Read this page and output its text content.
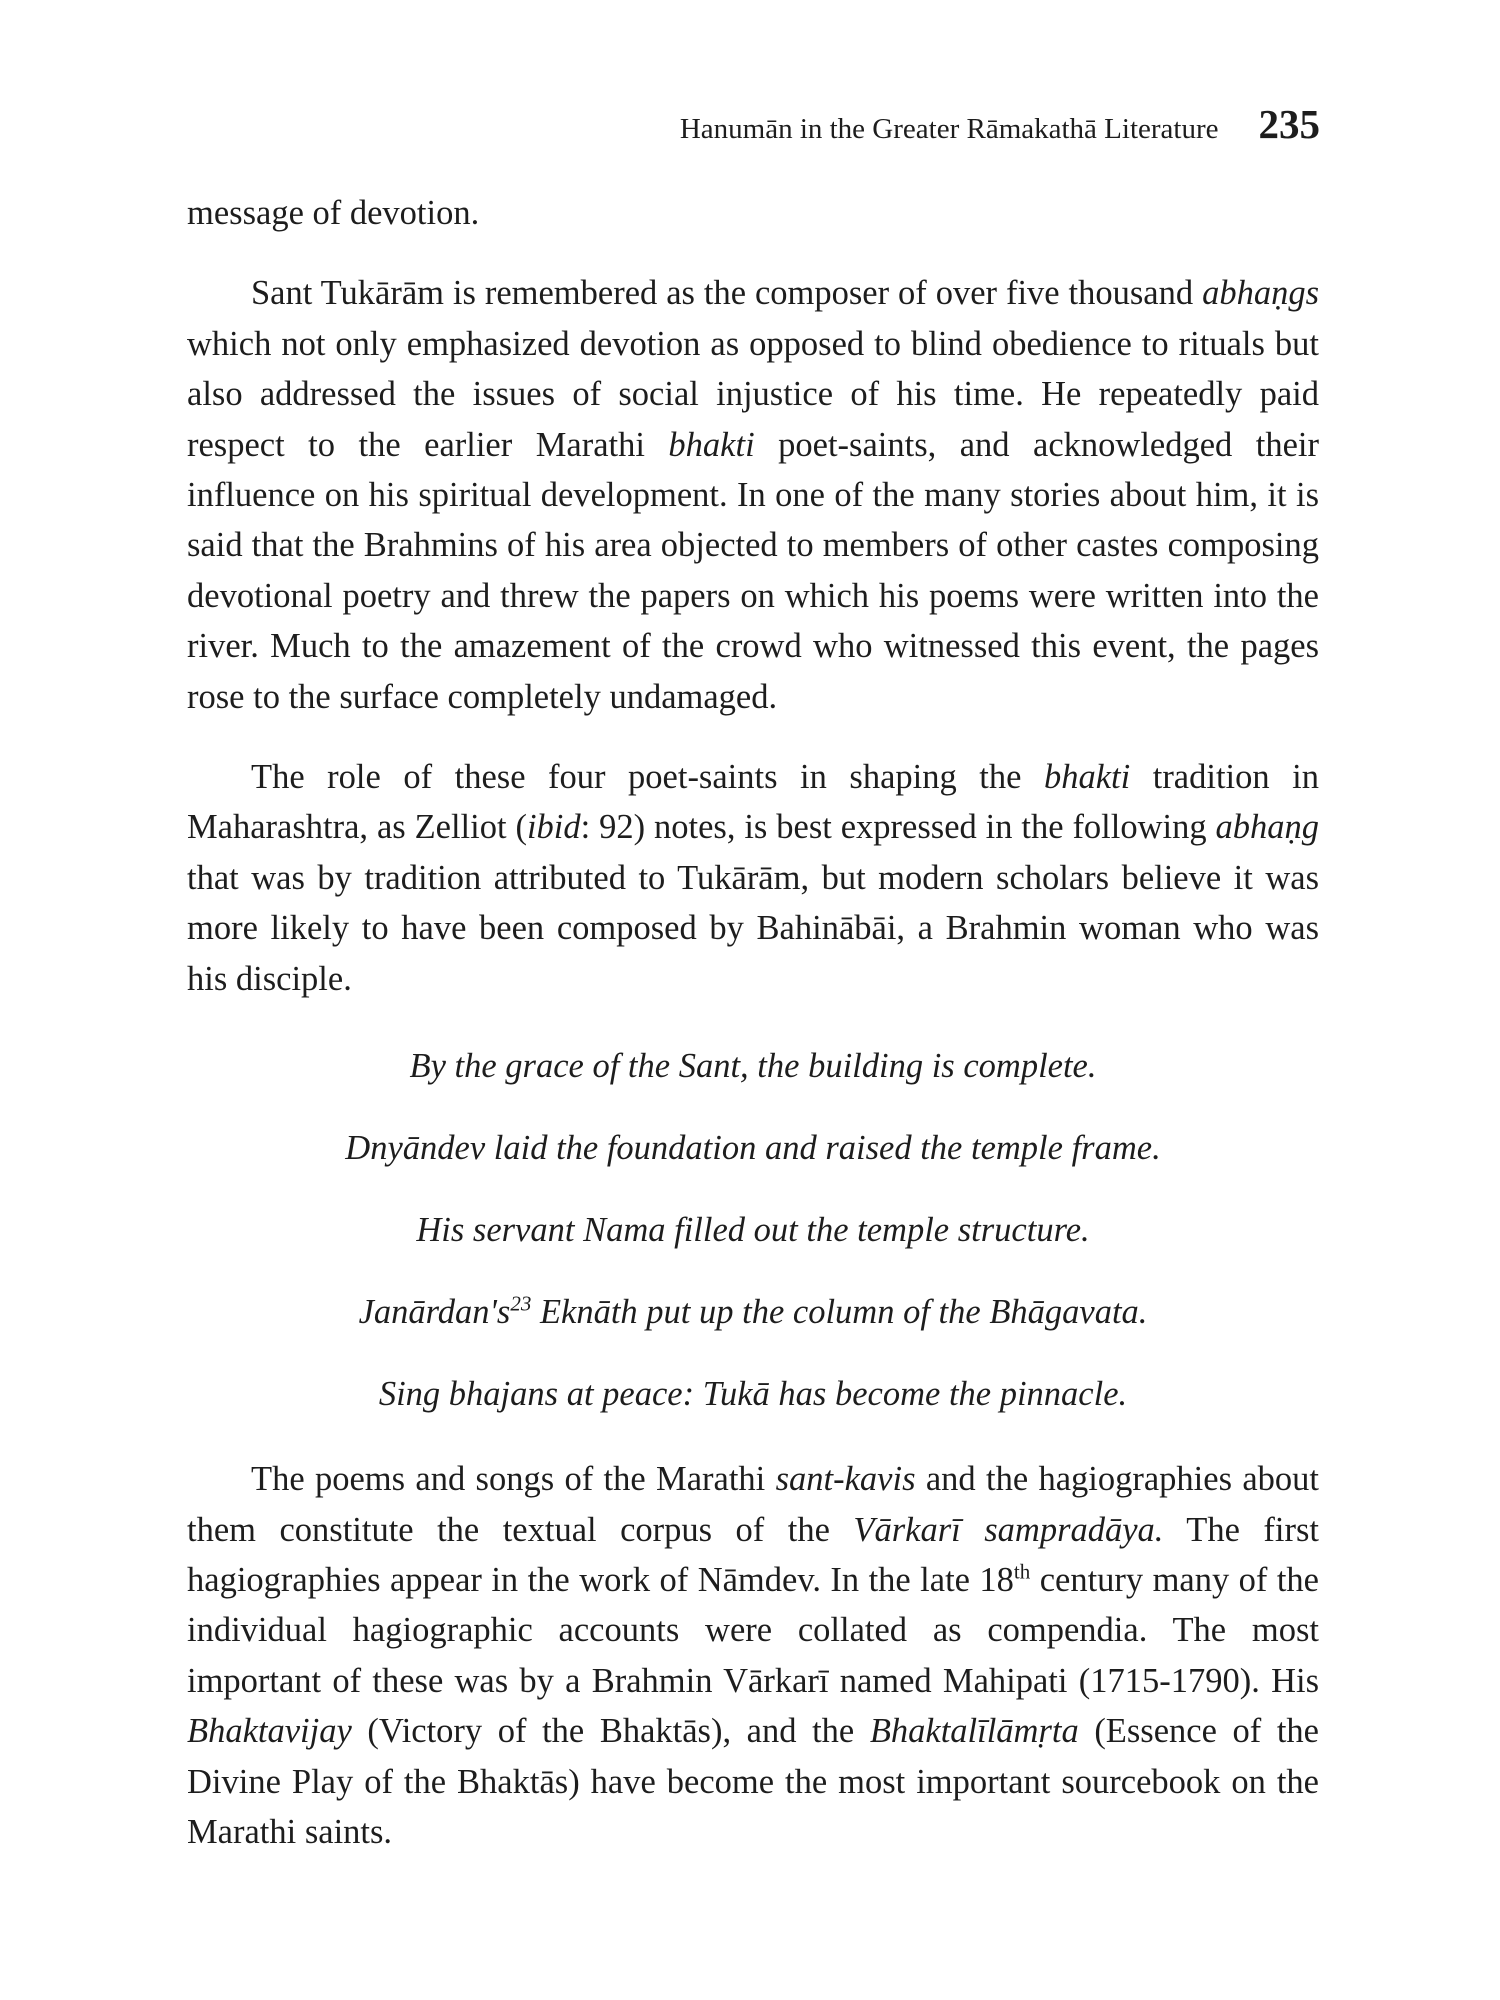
Hanumān in the Greater Rāmakathā Literature 235

message of devotion.

Sant Tukārām is remembered as the composer of over five thousand abhaṇgs which not only emphasized devotion as opposed to blind obedience to rituals but also addressed the issues of social injustice of his time. He repeatedly paid respect to the earlier Marathi bhakti poet-saints, and acknowledged their influence on his spiritual development. In one of the many stories about him, it is said that the Brahmins of his area objected to members of other castes composing devotional poetry and threw the papers on which his poems were written into the river. Much to the amazement of the crowd who witnessed this event, the pages rose to the surface completely undamaged.

The role of these four poet-saints in shaping the bhakti tradition in Maharashtra, as Zelliot (ibid: 92) notes, is best expressed in the following abhaṇg that was by tradition attributed to Tukārām, but modern scholars believe it was more likely to have been composed by Bahinābāi, a Brahmin woman who was his disciple.

By the grace of the Sant, the building is complete.
Dnyāndev laid the foundation and raised the temple frame.
His servant Nama filled out the temple structure.
$Janārdan's^{23}$ Eknāth put up the column of the Bhāgavata.
Sing bhajans at peace: Tukā has become the pinnacle.

The poems and songs of the Marathi sant-kavis and the hagiographies about them constitute the textual corpus of the Vārkarī sampradāya. The first hagiographies appear in the work of Nāmdev. In the late 18th century many of the individual hagiographic accounts were collated as compendia. The most important of these was by a Brahmin Vārkarī named Mahipati (1715-1790). His Bhaktavijay (Victory of the Bhaktās), and the Bhaktalīlāmṛta (Essence of the Divine Play of the Bhaktās) have become the most important sourcebook on the Marathi saints.
